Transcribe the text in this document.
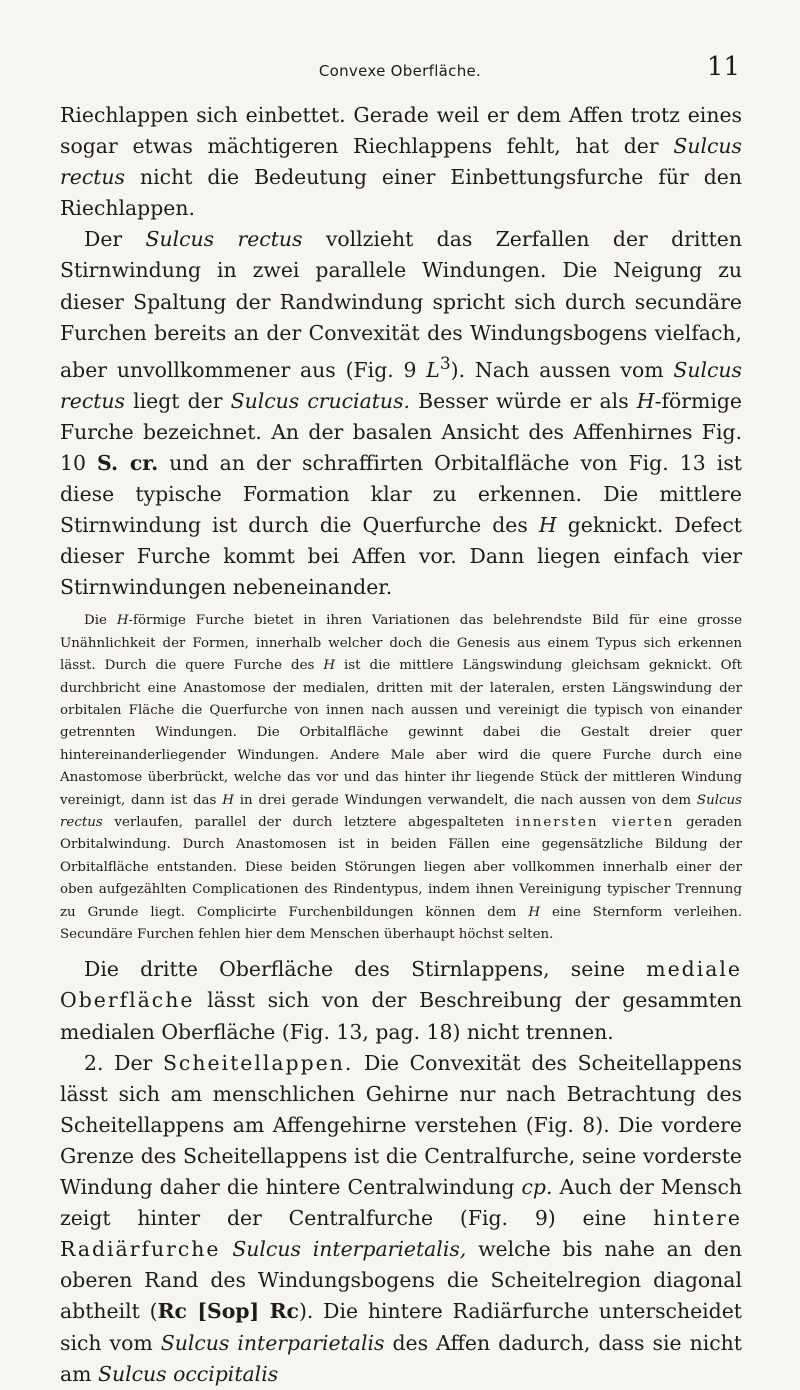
Convexe Oberfläche.	11

Riechlappen sich einbettet. Gerade weil er dem Affen trotz eines sogar etwas mächtigeren Riechlappens fehlt, hat der Sulcus rectus nicht die Bedeutung einer Einbettungsfurche für den Riechlappen.

Der Sulcus rectus vollzieht das Zerfallen der dritten Stirnwindung in zwei parallele Windungen. Die Neigung zu dieser Spaltung der Randwindung spricht sich durch secundäre Furchen bereits an der Convexität des Windungsbogens vielfach, aber unvollkommener aus (Fig. 9 $L^3$). Nach aussen vom Sulcus rectus liegt der Sulcus cruciatus. Besser würde er als H-förmige Furche bezeichnet. An der basalen Ansicht des Affenhirnes Fig. 10 S. cr. und an der schraffirten Orbitalfläche von Fig. 13 ist diese typische Formation klar zu erkennen. Die mittlere Stirnwindung ist durch die Querfurche des H geknickt. Defect dieser Furche kommt bei Affen vor. Dann liegen einfach vier Stirnwindungen nebeneinander.

Die H-förmige Furche bietet in ihren Variationen das belehrendste Bild für eine grosse Unähnlichkeit der Formen, innerhalb welcher doch die Genesis aus einem Typus sich erkennen lässt. Durch die quere Furche des H ist die mittlere Längswindung gleichsam geknickt. Oft durchbricht eine Anastomose der medialen, dritten mit der lateralen, ersten Längswindung der orbitalen Fläche die Querfurche von innen nach aussen und vereinigt die typisch von einander getrennten Windungen. Die Orbitalfläche gewinnt dabei die Gestalt dreier quer hintereinanderliegender Windungen. Andere Male aber wird die quere Furche durch eine Anastomose überbrückt, welche das vor und das hinter ihr liegende Stück der mittleren Windung vereinigt, dann ist das H in drei gerade Windungen verwandelt, die nach aussen von dem Sulcus rectus verlaufen, parallel der durch letztere abgespalteten innersten vierten geraden Orbitalwindung. Durch Anastomosen ist in beiden Fällen eine gegensätzliche Bildung der Orbitalfläche entstanden. Diese beiden Störungen liegen aber vollkommen innerhalb einer der oben aufgezählten Complicationen des Rindentypus, indem ihnen Vereinigung typischer Trennung zu Grunde liegt. Complicirte Furchenbildungen können dem H eine Sternform verleihen. Secundäre Furchen fehlen hier dem Menschen überhaupt höchst selten.

Die dritte Oberfläche des Stirnlappens, seine mediale Oberfläche lässt sich von der Beschreibung der gesammten medialen Oberfläche (Fig. 13, pag. 18) nicht trennen.

2. Der Scheitellappen. Die Convexität des Scheitellappens lässt sich am menschlichen Gehirne nur nach Betrachtung des Scheitellappens am Affengehirne verstehen (Fig. 8). Die vordere Grenze des Scheitellappens ist die Centralfurche, seine vorderste Windung daher die hintere Centralwindung cp. Auch der Mensch zeigt hinter der Centralfurche (Fig. 9) eine hintere Radiärfurche Sulcus interparietalis, welche bis nahe an den oberen Rand des Windungsbogens die Scheitelregion diagonal abtheilt (Rc [Sop] Rc). Die hintere Radiärfurche unterscheidet sich vom Sulcus interparietalis des Affen dadurch, dass sie nicht am Sulcus occipitalis
